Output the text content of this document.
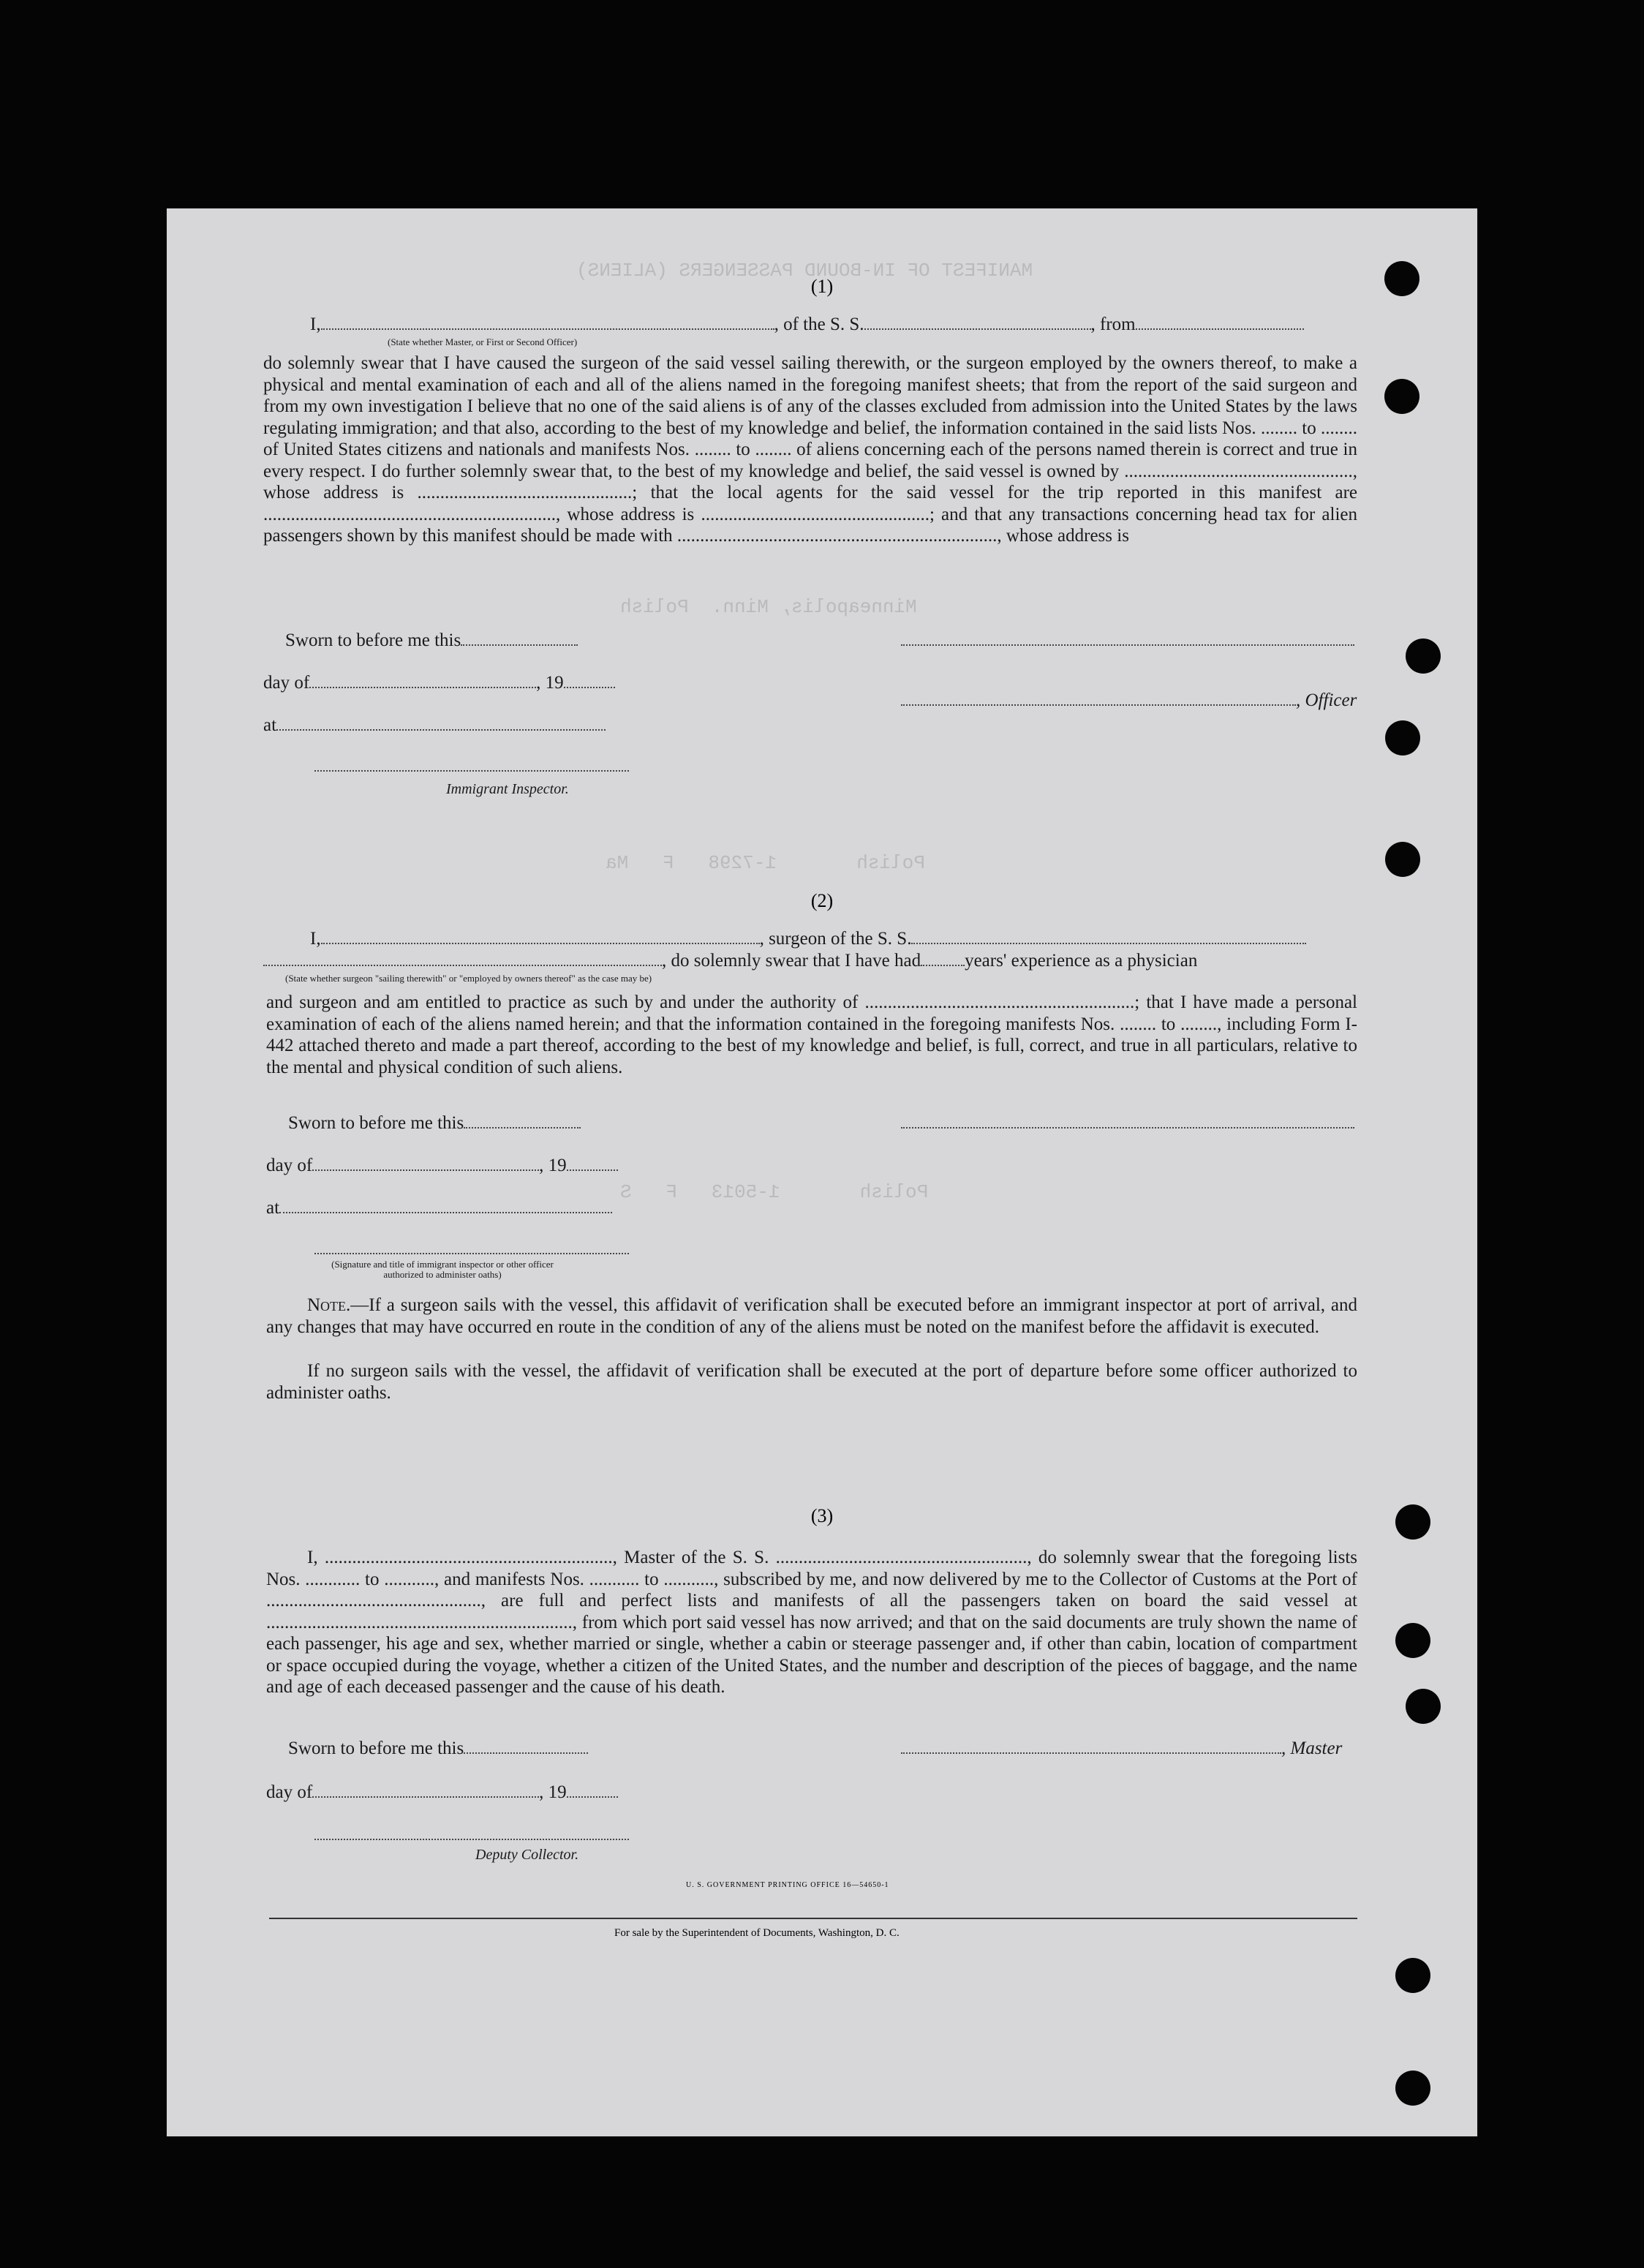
MANIFEST OF IN-BOUND PASSENGERS (ALIENS)
Minneapolis, Minn.  Polish
Polish       1-7298   F   Ma
Polish       1-5013   F   S
(1)
I,	, of the S. S.	, from
(State whether Master, or First or Second Officer)
do solemnly swear that I have caused the surgeon of the said vessel sailing therewith, or the surgeon employed by the owners thereof, to make a physical and mental examination of each and all of the aliens named in the foregoing manifest sheets; that from the report of the said surgeon and from my own investigation I believe that no one of the said aliens is of any of the classes excluded from admission into the United States by the laws regulating immigration; and that also, according to the best of my knowledge and belief, the information contained in the said lists Nos. ........ to ........ of United States citizens and nationals and manifests Nos. ........ to ........ of aliens concerning each of the persons named therein is correct and true in every respect. I do further solemnly swear that, to the best of my knowledge and belief, the said vessel is owned by .................................................., whose address is ...............................................; that the local agents for the said vessel for the trip reported in this manifest are ................................................................, whose address is ..................................................; and that any transactions concerning head tax for alien passengers shown by this manifest should be made with ......................................................................, whose address is
Sworn to before me this
day of	, 19
, Officer
at
Immigrant Inspector.
(2)
I,	, surgeon of the S. S.
, do solemnly swear that I have had years' experience as a physician
(State whether surgeon "sailing therewith" or "employed by owners thereof" as the case may be)
and surgeon and am entitled to practice as such by and under the authority of ...........................................................; that I have made a personal examination of each of the aliens named herein; and that the information contained in the foregoing manifests Nos. ........ to ........, including Form I-442 attached thereto and made a part thereof, according to the best of my knowledge and belief, is full, correct, and true in all particulars, relative to the mental and physical condition of such aliens.
Sworn to before me this
day of	, 19
at
(Signature and title of immigrant inspector or other officer authorized to administer oaths)
Note.—If a surgeon sails with the vessel, this affidavit of verification shall be executed before an immigrant inspector at port of arrival, and any changes that may have occurred en route in the condition of any of the aliens must be noted on the manifest before the affidavit is executed.
If no surgeon sails with the vessel, the affidavit of verification shall be executed at the port of departure before some officer authorized to administer oaths.
(3)
I, ..............................................................., Master of the S. S. ......................................................., do solemnly swear that the foregoing lists Nos. ............ to ..........., and manifests Nos. ........... to ..........., subscribed by me, and now delivered by me to the Collector of Customs at the Port of ..............................................., are full and perfect lists and manifests of all the passengers taken on board the said vessel at ..................................................................., from which port said vessel has now arrived; and that on the said documents are truly shown the name of each passenger, his age and sex, whether married or single, whether a cabin or steerage passenger and, if other than cabin, location of compartment or space occupied during the voyage, whether a citizen of the United States, and the number and description of the pieces of baggage, and the name and age of each deceased passenger and the cause of his death.
Sworn to before me this	, Master
day of	, 19
Deputy Collector.
U. S. GOVERNMENT PRINTING OFFICE 16—54650-1
For sale by the Superintendent of Documents, Washington, D. C.
